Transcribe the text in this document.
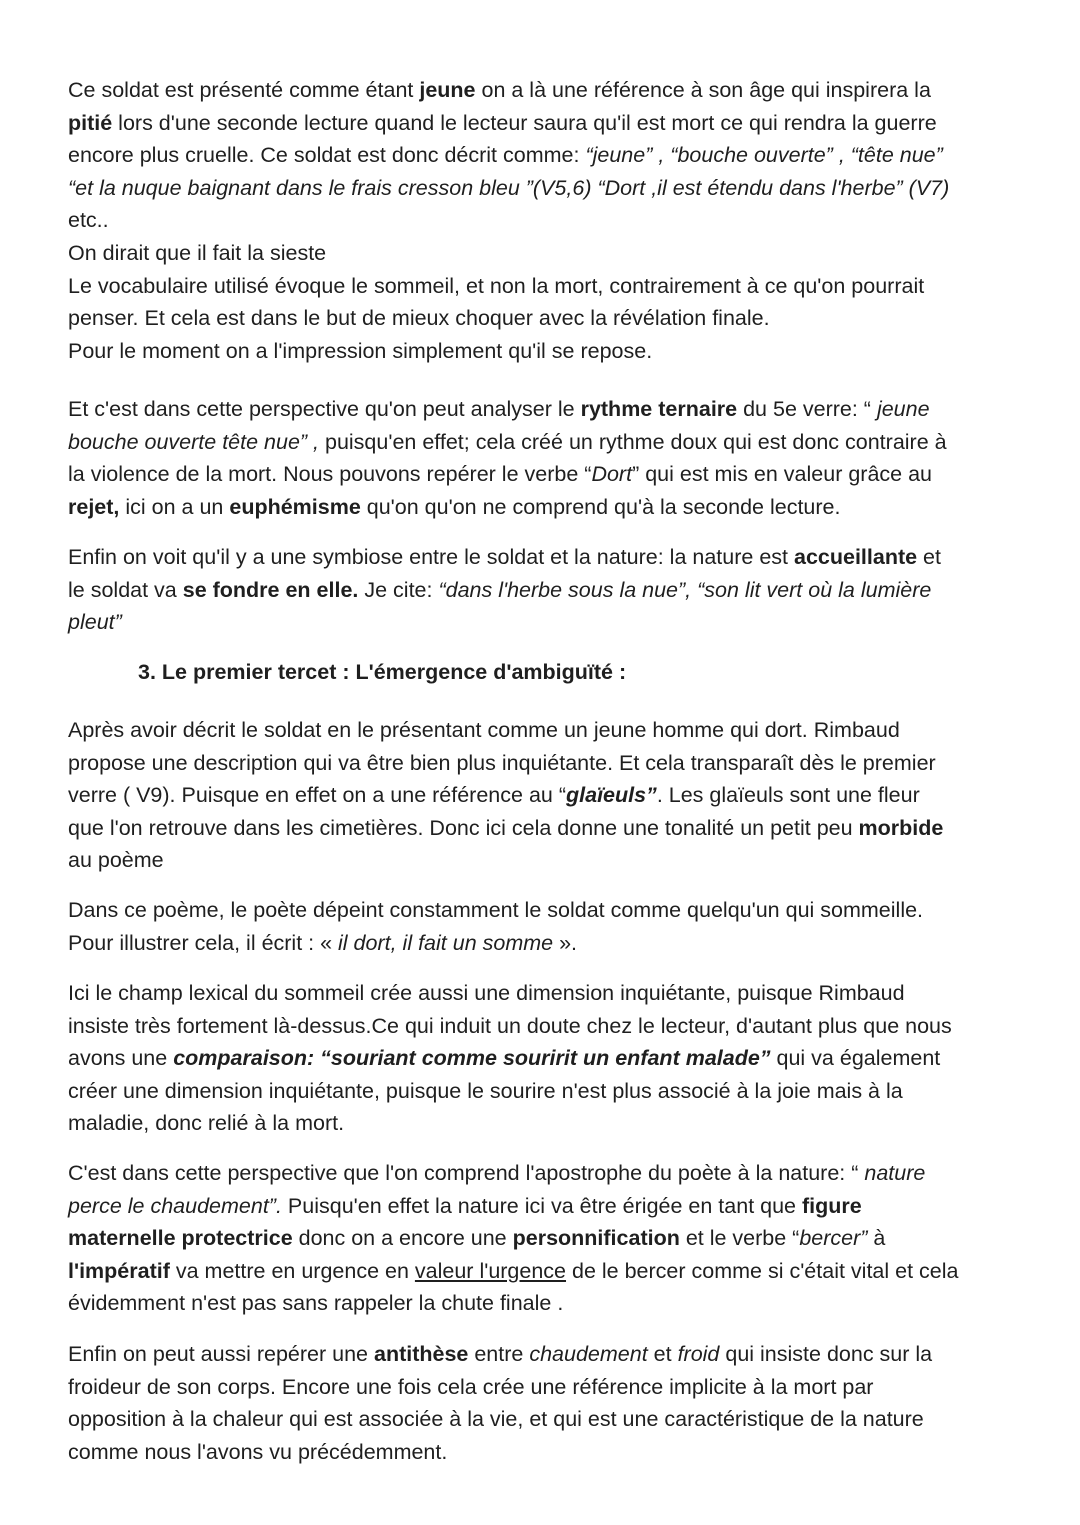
Ce soldat est présenté comme étant jeune on a là une référence à son âge qui inspirera la
pitié lors d'une seconde lecture quand le lecteur saura qu'il est mort ce qui rendra la guerre
encore plus cruelle. Ce soldat est donc décrit comme: “jeune” , “bouche ouverte” , “tête nue”
“et la nuque baignant dans le frais cresson bleu ”(V5,6) “Dort ,il est étendu dans l'herbe” (V7)
etc..
On dirait que il fait la sieste
Le vocabulaire utilisé évoque le sommeil, et non la mort, contrairement à ce qu'on pourrait
penser. Et cela est dans le but de mieux choquer avec la révélation finale.
Pour le moment on a l'impression simplement qu'il se repose.

Et c'est dans cette perspective qu'on peut analyser le rythme ternaire du 5e verre: “ jeune
bouche ouverte tête nue” , puisqu'en effet; cela créé un rythme doux qui est donc contraire à
la violence de la mort. Nous pouvons repérer le verbe “Dort” qui est mis en valeur grâce au
rejet, ici on a un euphémisme qu'on qu'on ne comprend qu'à la seconde lecture.

Enfin on voit qu'il y a une symbiose entre le soldat et la nature: la nature est accueillante et
le soldat va se fondre en elle. Je cite: “dans l'herbe sous la nue”, “son lit vert où la lumière
pleut”

3. Le premier tercet : L'émergence d'ambiguïté :

Après avoir décrit le soldat en le présentant comme un jeune homme qui dort. Rimbaud
propose une description qui va être bien plus inquiétante. Et cela transparaît dès le premier
verre ( V9). Puisque en effet on a une référence au “glaïeuls”. Les glaïeuls sont une fleur
que l'on retrouve dans les cimetières. Donc ici cela donne une tonalité un petit peu morbide
au poème

Dans ce poème, le poète dépeint constamment le soldat comme quelqu'un qui sommeille.
Pour illustrer cela, il écrit : « il dort, il fait un somme ».

Ici le champ lexical du sommeil crée aussi une dimension inquiétante, puisque Rimbaud
insiste très fortement là-dessus.Ce qui induit un doute chez le lecteur, d'autant plus que nous
avons une comparaison: “souriant comme souririt un enfant malade” qui va également
créer une dimension inquiétante, puisque le sourire n'est plus associé à la joie mais à la
maladie, donc relié à la mort.

C'est dans cette perspective que l'on comprend l'apostrophe du poète à la nature: “ nature
perce le chaudement”. Puisqu'en effet la nature ici va être érigée en tant que figure
maternelle protectrice donc on a encore une personnification et le verbe “bercer” à
l'impératif va mettre en urgence en valeur l'urgence de le bercer comme si c'était vital et cela
évidemment n'est pas sans rappeler la chute finale .

Enfin on peut aussi repérer une antithèse entre chaudement et froid qui insiste donc sur la
froideur de son corps. Encore une fois cela crée une référence implicite à la mort par
opposition à la chaleur qui est associée à la vie, et qui est une caractéristique de la nature
comme nous l'avons vu précédemment.
